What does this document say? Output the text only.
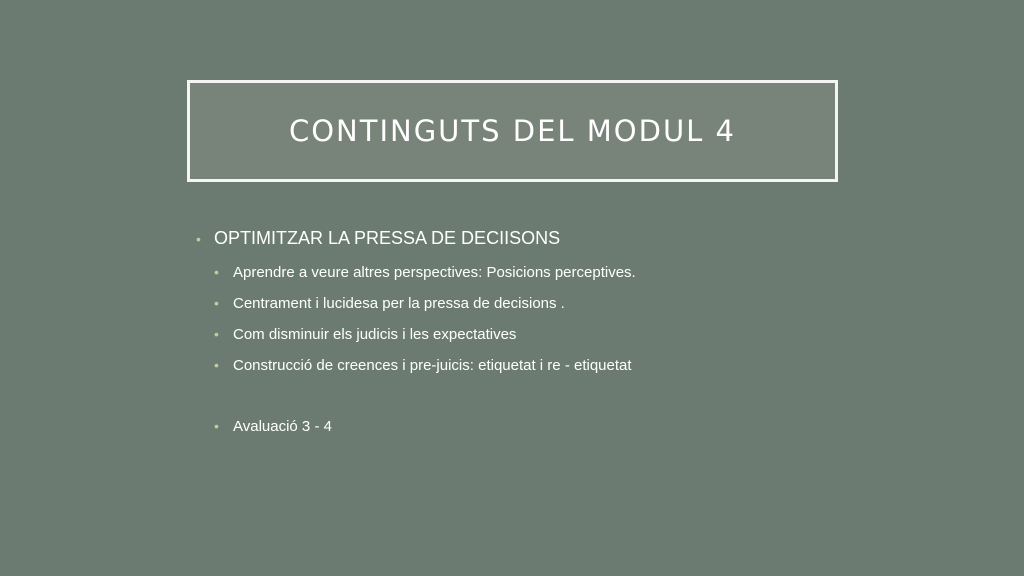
CONTINGUTS DEL MODUL 4
• OPTIMITZAR LA PRESSA DE DECIISONS
• Aprendre a veure altres perspectives: Posicions perceptives.
• Centrament i lucidesa per la pressa de decisions .
• Com disminuir els judicis i les expectatives
• Construcció de creences i pre-juicis: etiquetat i re - etiquetat
• Avaluació 3 - 4
